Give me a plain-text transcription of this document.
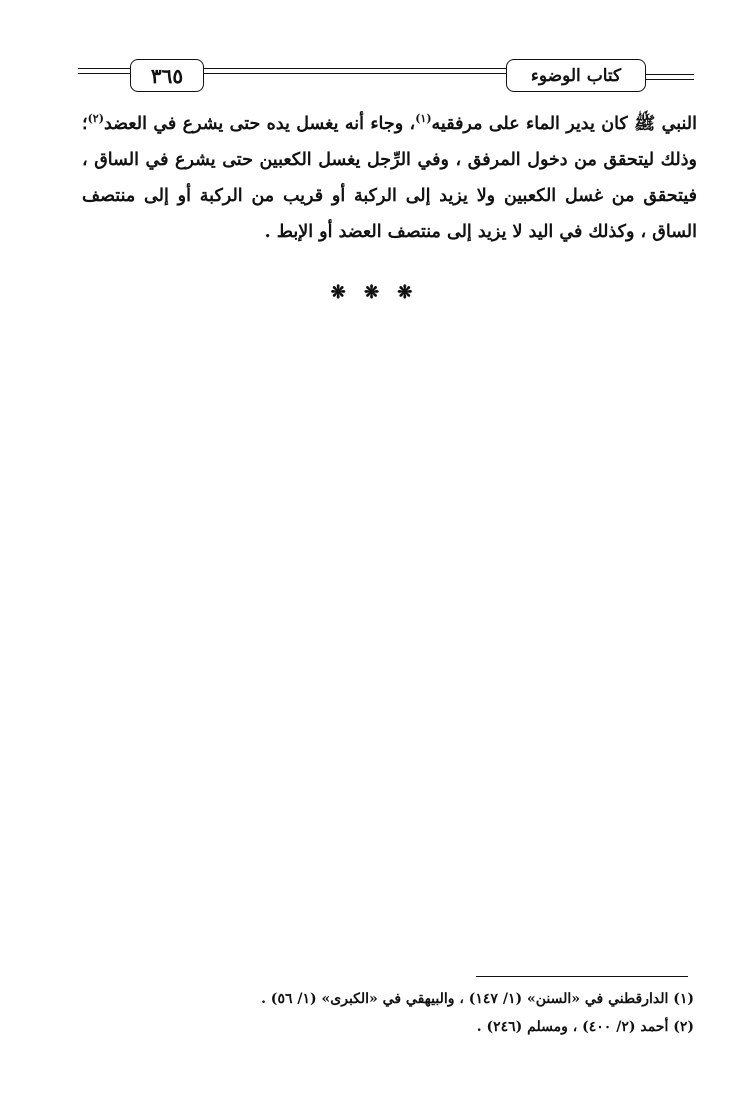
٣٦٥	كتاب الوضوء

النبي ﷺ كان يدير الماء على مرفقيه$^{(١)}$، وجاء أنه يغسل يده حتى يشرع في العضد$^{(٢)}$؛ وذلك ليتحقق من دخول المرفق ، وفي الرِّجل يغسل الكعبين حتى يشرع في الساق ، فيتحقق من غسل الكعبين ولا يزيد إلى الركبة أو قريب من الركبة أو إلى منتصف الساق ، وكذلك في اليد لا يزيد إلى منتصف العضد أو الإبط .

❋ ❋ ❋
(١) الدارقطني في «السنن» (١/ ١٤٧) ، والبيهقي في «الكبرى» (١/ ٥٦) .
(٢) أحمد (٢/ ٤٠٠) ، ومسلم (٢٤٦) .
